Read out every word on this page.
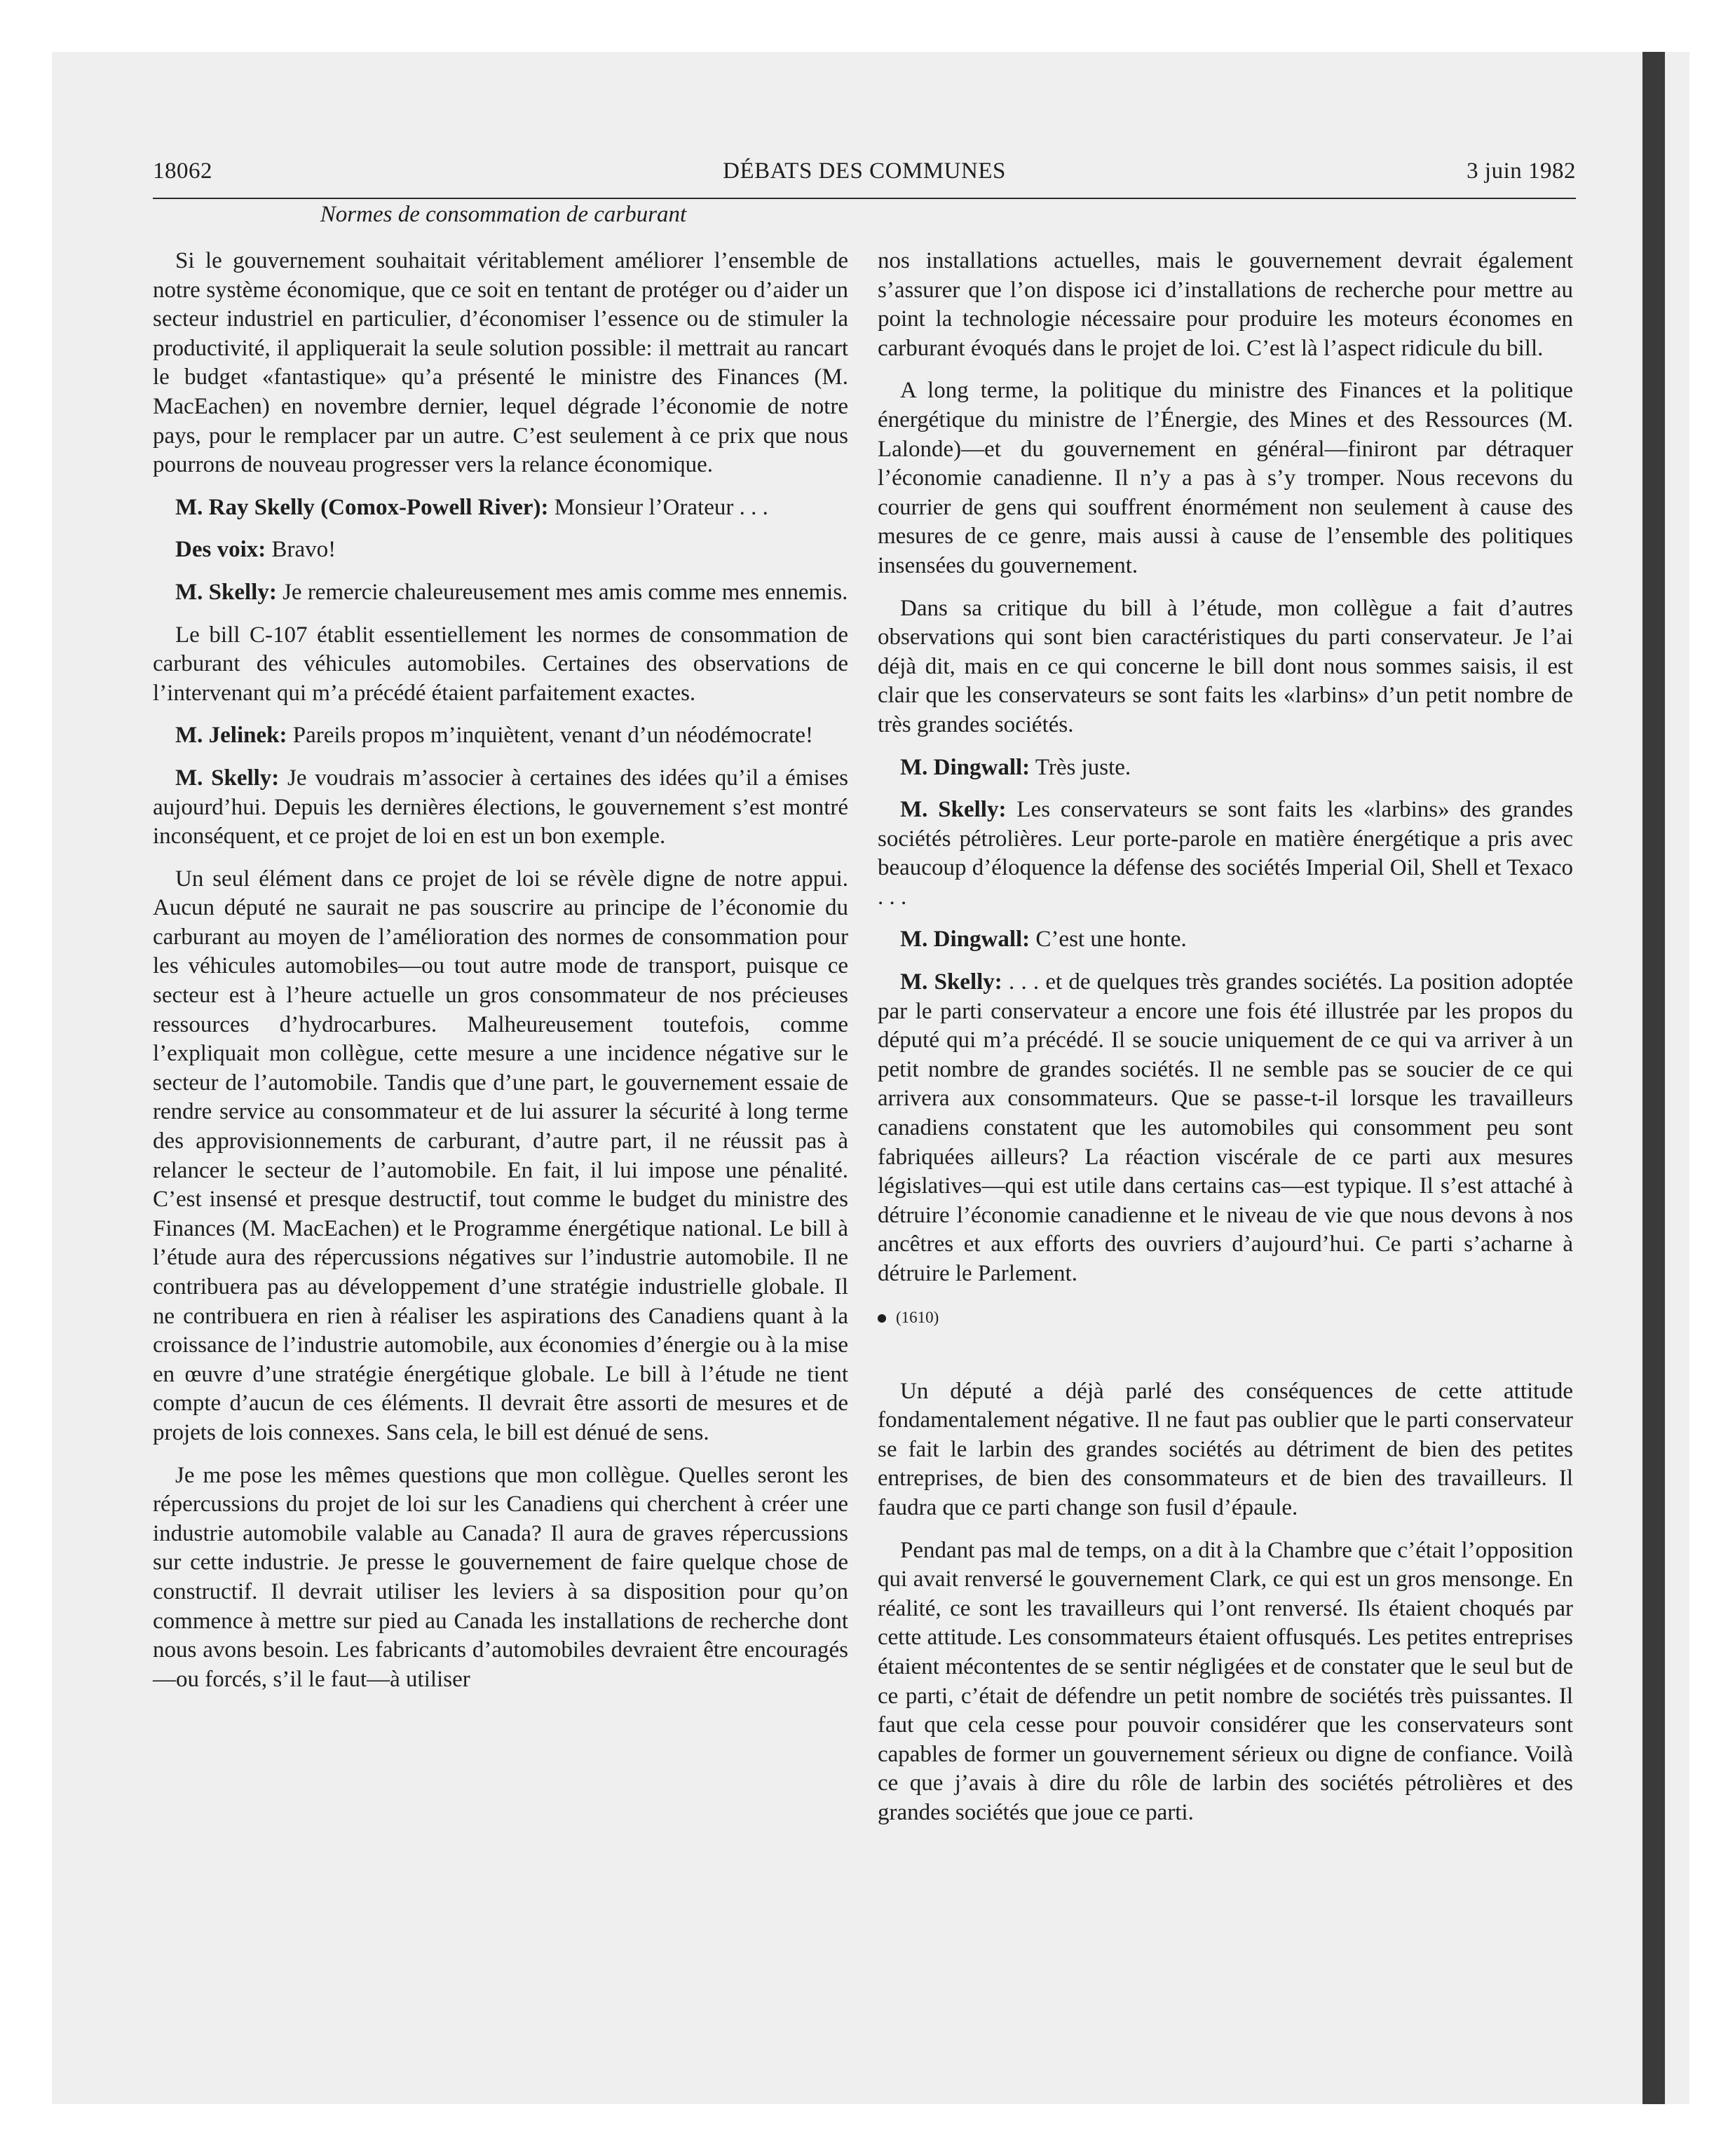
18062	DÉBATS DES COMMUNES	3 juin 1982
Normes de consommation de carburant

Si le gouvernement souhaitait véritablement améliorer l’ensemble de notre système économique, que ce soit en tentant de protéger ou d’aider un secteur industriel en particulier, d’économiser l’essence ou de stimuler la productivité, il appliquerait la seule solution possible: il mettrait au rancart le budget «fantastique» qu’a présenté le ministre des Finances (M. MacEachen) en novembre dernier, lequel dégrade l’économie de notre pays, pour le remplacer par un autre. C’est seulement à ce prix que nous pourrons de nouveau progresser vers la relance économique.

M. Ray Skelly (Comox-Powell River): Monsieur l’Orateur . . .

Des voix: Bravo!

M. Skelly: Je remercie chaleureusement mes amis comme mes ennemis.

Le bill C-107 établit essentiellement les normes de consommation de carburant des véhicules automobiles. Certaines des observations de l’intervenant qui m’a précédé étaient parfaitement exactes.

M. Jelinek: Pareils propos m’inquiètent, venant d’un néodémocrate!

M. Skelly: Je voudrais m’associer à certaines des idées qu’il a émises aujourd’hui. Depuis les dernières élections, le gouvernement s’est montré inconséquent, et ce projet de loi en est un bon exemple.

Un seul élément dans ce projet de loi se révèle digne de notre appui. Aucun député ne saurait ne pas souscrire au principe de l’économie du carburant au moyen de l’amélioration des normes de consommation pour les véhicules automobiles—ou tout autre mode de transport, puisque ce secteur est à l’heure actuelle un gros consommateur de nos précieuses ressources d’hydrocarbures. Malheureusement toutefois, comme l’expliquait mon collègue, cette mesure a une incidence négative sur le secteur de l’automobile. Tandis que d’une part, le gouvernement essaie de rendre service au consommateur et de lui assurer la sécurité à long terme des approvisionnements de carburant, d’autre part, il ne réussit pas à relancer le secteur de l’automobile. En fait, il lui impose une pénalité. C’est insensé et presque destructif, tout comme le budget du ministre des Finances (M. MacEachen) et le Programme énergétique national. Le bill à l’étude aura des répercussions négatives sur l’industrie automobile. Il ne contribuera pas au développement d’une stratégie industrielle globale. Il ne contribuera en rien à réaliser les aspirations des Canadiens quant à la croissance de l’industrie automobile, aux économies d’énergie ou à la mise en œuvre d’une stratégie énergétique globale. Le bill à l’étude ne tient compte d’aucun de ces éléments. Il devrait être assorti de mesures et de projets de lois connexes. Sans cela, le bill est dénué de sens.

Je me pose les mêmes questions que mon collègue. Quelles seront les répercussions du projet de loi sur les Canadiens qui cherchent à créer une industrie automobile valable au Canada? Il aura de graves répercussions sur cette industrie. Je presse le gouvernement de faire quelque chose de constructif. Il devrait utiliser les leviers à sa disposition pour qu’on commence à mettre sur pied au Canada les installations de recherche dont nous avons besoin. Les fabricants d’automobiles devraient être encouragés—ou forcés, s’il le faut—à utiliser

nos installations actuelles, mais le gouvernement devrait également s’assurer que l’on dispose ici d’installations de recherche pour mettre au point la technologie nécessaire pour produire les moteurs économes en carburant évoqués dans le projet de loi. C’est là l’aspect ridicule du bill.

A long terme, la politique du ministre des Finances et la politique énergétique du ministre de l’Énergie, des Mines et des Ressources (M. Lalonde)—et du gouvernement en général—finiront par détraquer l’économie canadienne. Il n’y a pas à s’y tromper. Nous recevons du courrier de gens qui souffrent énormément non seulement à cause des mesures de ce genre, mais aussi à cause de l’ensemble des politiques insensées du gouvernement.

Dans sa critique du bill à l’étude, mon collègue a fait d’autres observations qui sont bien caractéristiques du parti conservateur. Je l’ai déjà dit, mais en ce qui concerne le bill dont nous sommes saisis, il est clair que les conservateurs se sont faits les «larbins» d’un petit nombre de très grandes sociétés.

M. Dingwall: Très juste.

M. Skelly: Les conservateurs se sont faits les «larbins» des grandes sociétés pétrolières. Leur porte-parole en matière énergétique a pris avec beaucoup d’éloquence la défense des sociétés Imperial Oil, Shell et Texaco . . .

M. Dingwall: C’est une honte.

M. Skelly: . . . et de quelques très grandes sociétés. La position adoptée par le parti conservateur a encore une fois été illustrée par les propos du député qui m’a précédé. Il se soucie uniquement de ce qui va arriver à un petit nombre de grandes sociétés. Il ne semble pas se soucier de ce qui arrivera aux consommateurs. Que se passe-t-il lorsque les travailleurs canadiens constatent que les automobiles qui consomment peu sont fabriquées ailleurs? La réaction viscérale de ce parti aux mesures législatives—qui est utile dans certains cas—est typique. Il s’est attaché à détruire l’économie canadienne et le niveau de vie que nous devons à nos ancêtres et aux efforts des ouvriers d’aujourd’hui. Ce parti s’acharne à détruire le Parlement.

(1610)

Un député a déjà parlé des conséquences de cette attitude fondamentalement négative. Il ne faut pas oublier que le parti conservateur se fait le larbin des grandes sociétés au détriment de bien des petites entreprises, de bien des consommateurs et de bien des travailleurs. Il faudra que ce parti change son fusil d’épaule.

Pendant pas mal de temps, on a dit à la Chambre que c’était l’opposition qui avait renversé le gouvernement Clark, ce qui est un gros mensonge. En réalité, ce sont les travailleurs qui l’ont renversé. Ils étaient choqués par cette attitude. Les consommateurs étaient offusqués. Les petites entreprises étaient mécontentes de se sentir négligées et de constater que le seul but de ce parti, c’était de défendre un petit nombre de sociétés très puissantes. Il faut que cela cesse pour pouvoir considérer que les conservateurs sont capables de former un gouvernement sérieux ou digne de confiance. Voilà ce que j’avais à dire du rôle de larbin des sociétés pétrolières et des grandes sociétés que joue ce parti.
